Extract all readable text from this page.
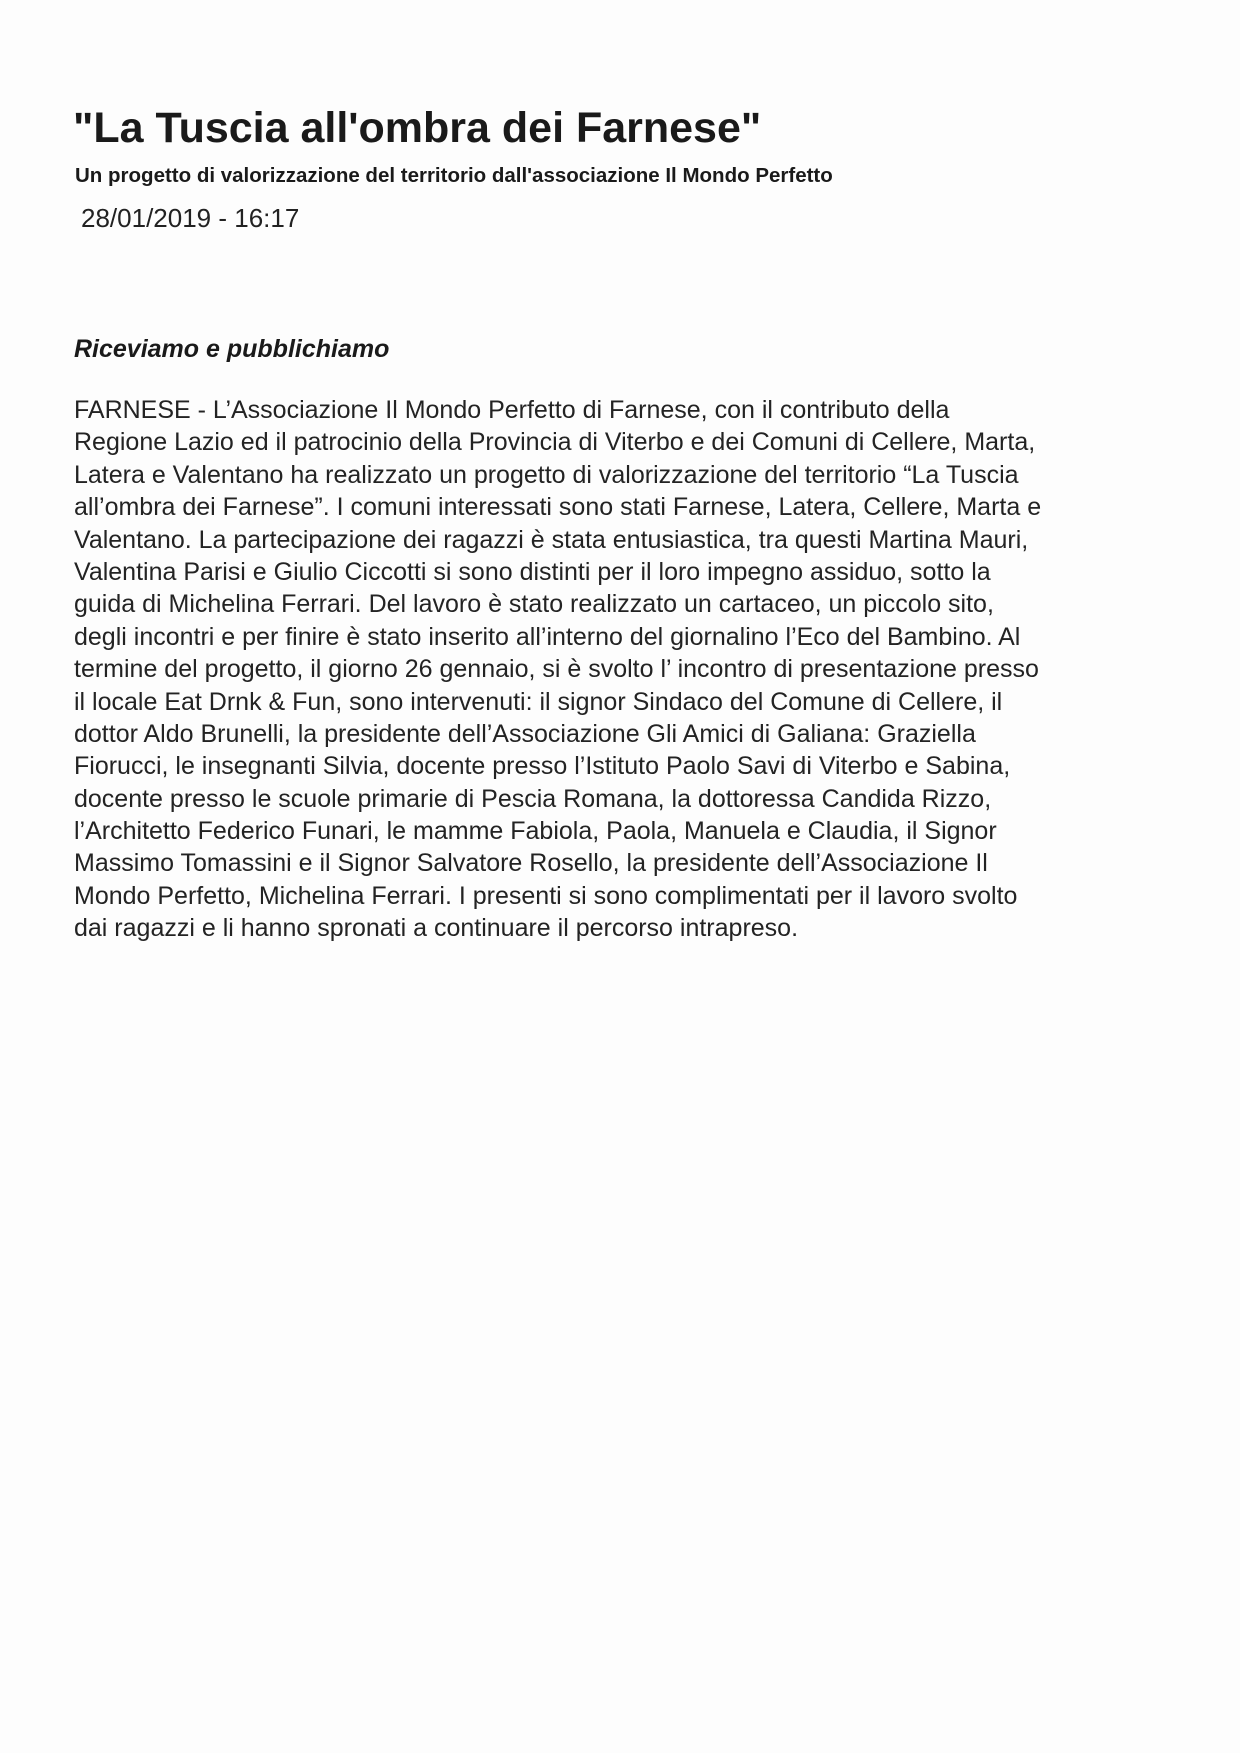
"La Tuscia all'ombra dei Farnese"
Un progetto di valorizzazione del territorio dall'associazione Il Mondo Perfetto
28/01/2019 - 16:17
Riceviamo e pubblichiamo
FARNESE - L’Associazione Il Mondo Perfetto di Farnese, con il contributo della
Regione Lazio ed il patrocinio della Provincia di Viterbo e dei Comuni di Cellere, Marta,
Latera e Valentano ha realizzato un progetto di valorizzazione del territorio “La Tuscia
all’ombra dei Farnese”. I comuni interessati sono stati Farnese, Latera, Cellere, Marta e
Valentano. La partecipazione dei ragazzi è stata entusiastica, tra questi Martina Mauri,
Valentina Parisi e Giulio Ciccotti si sono distinti per il loro impegno assiduo, sotto la
guida di Michelina Ferrari. Del lavoro è stato realizzato un cartaceo, un piccolo sito,
degli incontri e per finire è stato inserito all’interno del giornalino l’Eco del Bambino. Al
termine del progetto, il giorno 26 gennaio, si è svolto l’ incontro di presentazione presso
il locale Eat Drnk & Fun, sono intervenuti: il signor Sindaco del Comune di Cellere, il
dottor Aldo Brunelli, la presidente dell’Associazione Gli Amici di Galiana: Graziella
Fiorucci, le insegnanti Silvia, docente presso l’Istituto Paolo Savi di Viterbo e Sabina,
docente presso le scuole primarie di Pescia Romana, la dottoressa Candida Rizzo,
l’Architetto Federico Funari, le mamme Fabiola, Paola, Manuela e Claudia, il Signor
Massimo Tomassini e il Signor Salvatore Rosello, la presidente dell’Associazione Il
Mondo Perfetto, Michelina Ferrari. I presenti si sono complimentati per il lavoro svolto
dai ragazzi e li hanno spronati a continuare il percorso intrapreso.
